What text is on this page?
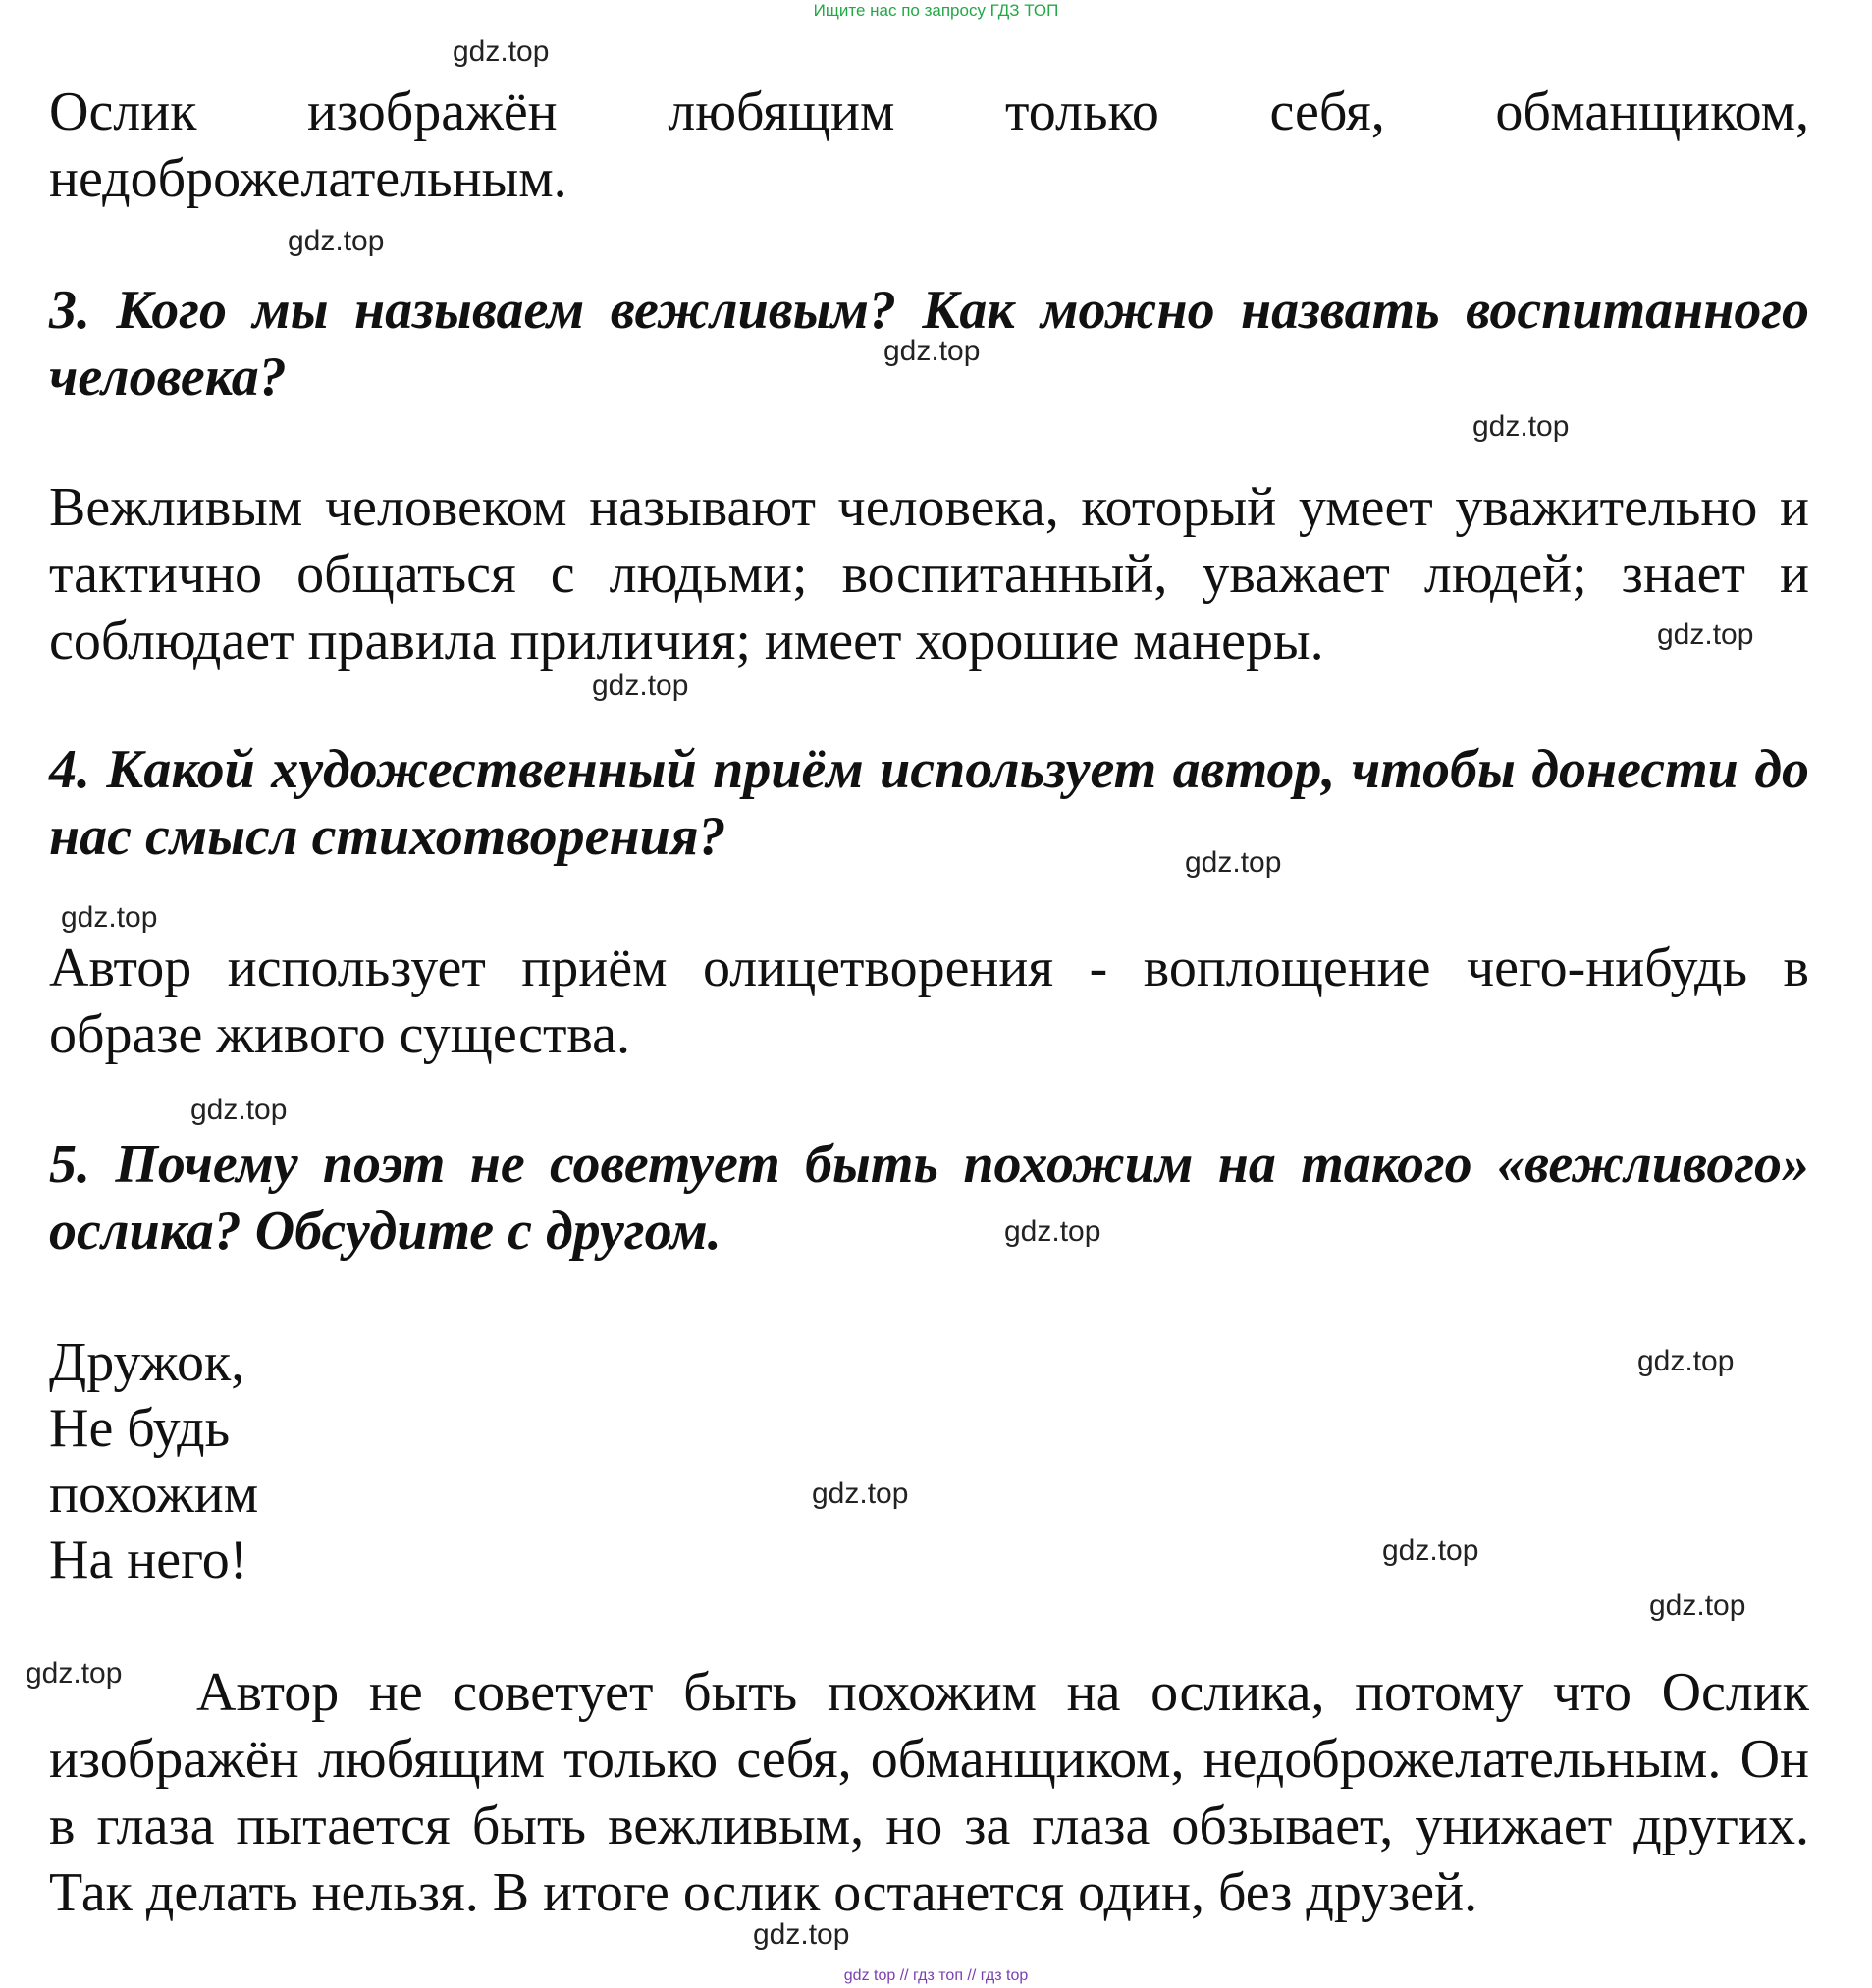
Ищите нас по запросу ГДЗ ТОП

Ослик изображён любящим только себя, обманщиком, недоброжелательным.

3. Кого мы называем вежливым? Как можно назвать воспитанного человека?

Вежливым человеком называют человека, который умеет уважительно и тактично общаться с людьми; воспитанный, уважает людей; знает и соблюдает правила приличия; имеет хорошие манеры.

4. Какой художественный приём использует автор, чтобы донести до нас смысл стихотворения?

Автор использует приём олицетворения - воплощение чего-нибудь в образе живого существа.

5. Почему поэт не советует быть похожим на такого «вежливого» ослика? Обсудите с другом.

Дружок,

Не будь

похожим

На него!

Автор не советует быть похожим на ослика, потому что Ослик изображён любящим только себя, обманщиком, недоброжелательным. Он в глаза пытается быть вежливым, но за глаза обзывает, унижает других. Так делать нельзя. В итоге ослик останется один, без друзей.

gdz.top
gdz.top
gdz.top
gdz.top
gdz.top
gdz.top
gdz.top
gdz.top
gdz.top
gdz.top
gdz.top
gdz.top
gdz.top
gdz.top
gdz.top
gdz.top
gdz top // гдз топ // гдз top
